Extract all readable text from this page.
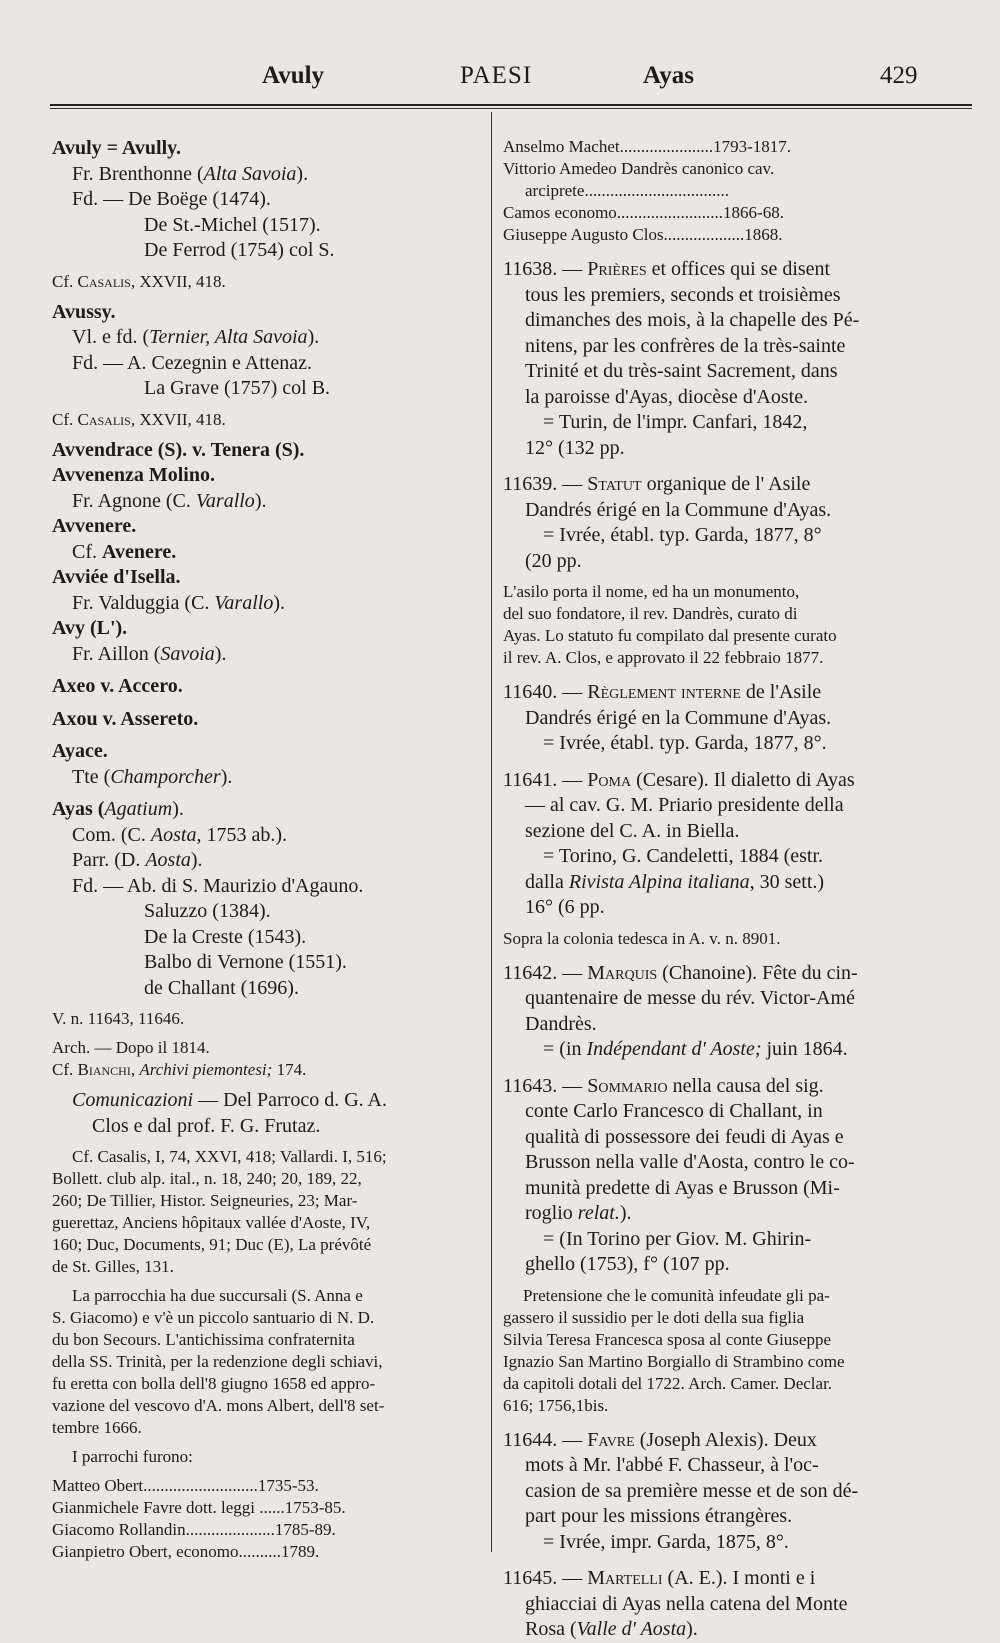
Avuly	PAESI	Ayas	429
Avuly = Avully.
Fr. Brenthonne (Alta Savoia).
Fd. — De Boëge (1474).
De St.-Michel (1517).
De Ferrod (1754) col S.
Cf. Casalis, XXVII, 418.
Avussy.
Vl. e fd. (Ternier, Alta Savoia).
Fd. — A. Cezegnin e Attenaz.
La Grave (1757) col B.
Cf. Casalis, XXVII, 418.
Avvendrace (S). v. Tenera (S).
Avvenenza Molino.
Fr. Agnone (C. Varallo).
Avvenere.
Cf. Avenere.
Avviée d'Isella.
Fr. Valduggia (C. Varallo).
Avy (L').
Fr. Aillon (Savoia).
Axeo v. Accero.
Axou v. Assereto.
Ayace.
Tte (Champorcher).
Ayas (Agatium).
Com. (C. Aosta, 1753 ab.).
Parr. (D. Aosta).
Fd. — Ab. di S. Maurizio d'Agauno.
Saluzzo (1384).
De la Creste (1543).
Balbo di Vernone (1551).
de Challant (1696).
V. n. 11643, 11646.
Arch. — Dopo il 1814.
Cf. Bianchi, Archivi piemontesi; 174.
Comunicazioni — Del Parroco d. G. A.
Clos e dal prof. F. G. Frutaz.
Cf. Casalis, I, 74, XXVI, 418; Vallardi. I, 516;
Bollett. club alp. ital., n. 18, 240; 20, 189, 22,
260; De Tillier, Histor. Seigneuries, 23; Mar-
guerettaz, Anciens hôpitaux vallée d'Aoste, IV,
160; Duc, Documents, 91; Duc (E), La prévôté
de St. Gilles, 131.
La parrocchia ha due succursali (S. Anna e
S. Giacomo) e v'è un piccolo santuario di N. D.
du bon Secours. L'antichissima confraternita
della SS. Trinità, per la redenzione degli schiavi,
fu eretta con bolla dell'8 giugno 1658 ed appro-
vazione del vescovo d'A. mons Albert, dell'8 set-
tembre 1666.
I parrochi furono:
Matteo Obert...........................1735-53.
Gianmichele Favre dott. leggi ......1753-85.
Giacomo Rollandin.....................1785-89.
Gianpietro Obert, economo..........1789.
Anselmo Machet......................1793-1817.
Vittorio Amedeo Dandrès canonico cav.
arciprete..................................
Camos economo.........................1866-68.
Giuseppe Augusto Clos...................1868.
11638. — Prières et offices qui se disent
tous les premiers, seconds et troisièmes
dimanches des mois, à la chapelle des Pé-
nitens, par les confrères de la très-sainte
Trinité et du très-saint Sacrement, dans
la paroisse d'Ayas, diocèse d'Aoste.
= Turin, de l'impr. Canfari, 1842,
12° (132 pp.
11639. — Statut organique de l' Asile
Dandrés érigé en la Commune d'Ayas.
= Ivrée, établ. typ. Garda, 1877, 8°
(20 pp.
L'asilo porta il nome, ed ha un monumento,
del suo fondatore, il rev. Dandrès, curato di
Ayas. Lo statuto fu compilato dal presente curato
il rev. A. Clos, e approvato il 22 febbraio 1877.
11640. — Règlement interne de l'Asile
Dandrés érigé en la Commune d'Ayas.
= Ivrée, établ. typ. Garda, 1877, 8°.
11641. — Poma (Cesare). Il dialetto di Ayas
— al cav. G. M. Priario presidente della
sezione del C. A. in Biella.
= Torino, G. Candeletti, 1884 (estr.
dalla Rivista Alpina italiana, 30 sett.)
16° (6 pp.
Sopra la colonia tedesca in A. v. n. 8901.
11642. — Marquis (Chanoine). Fête du cin-
quantenaire de messe du rév. Victor-Amé
Dandrès.
= (in Indépendant d' Aoste; juin 1864.
11643. — Sommario nella causa del sig.
conte Carlo Francesco di Challant, in
qualità di possessore dei feudi di Ayas e
Brusson nella valle d'Aosta, contro le co-
munità predette di Ayas e Brusson (Mi-
roglio relat.).
= (In Torino per Giov. M. Ghirin-
ghello (1753), f° (107 pp.
Pretensione che le comunità infeudate gli pa-
gassero il sussidio per le doti della sua figlia
Silvia Teresa Francesca sposa al conte Giuseppe
Ignazio San Martino Borgiallo di Strambino come
da capitoli dotali del 1722. Arch. Camer. Declar.
616; 1756,1bis.
11644. — Favre (Joseph Alexis). Deux
mots à Mr. l'abbé F. Chasseur, à l'oc-
casion de sa première messe et de son dé-
part pour les missions étrangères.
= Ivrée, impr. Garda, 1875, 8°.
11645. — Martelli (A. E.). I monti e i
ghiacciai di Ayas nella catena del Monte
Rosa (Valle d' Aosta).
